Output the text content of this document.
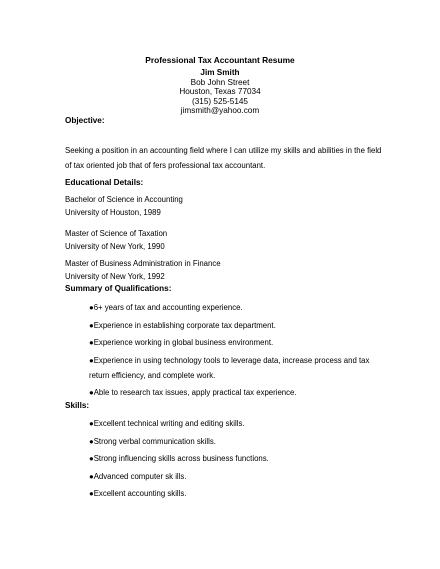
Professional Tax Accountant Resume
Jim Smith
Bob John Street
Houston, Texas 77034
(315) 525-5145
jimsmith@yahoo.com
Objective:
Seeking a position in an accounting field where I can utilize my skills and abilities in the field of tax oriented job that of fers professional tax accountant.
Educational Details:
Bachelor of Science in Accounting
University of Houston, 1989
Master of Science of Taxation
University of New York, 1990
Master of Business Administration in Finance
University of New York, 1992
Summary of Qualifications:
●6+ years of tax and accounting experience.
●Experience in establishing corporate tax department.
●Experience working in global business environment.
●Experience in using technology tools to leverage data, increase process and tax return efficiency, and complete work.
●Able to research tax issues, apply practical tax experience.
Skills:
●Excellent technical writing and editing skills.
●Strong verbal communication skills.
●Strong influencing skills across business functions.
●Advanced computer sk ills.
●Excellent accounting skills.
